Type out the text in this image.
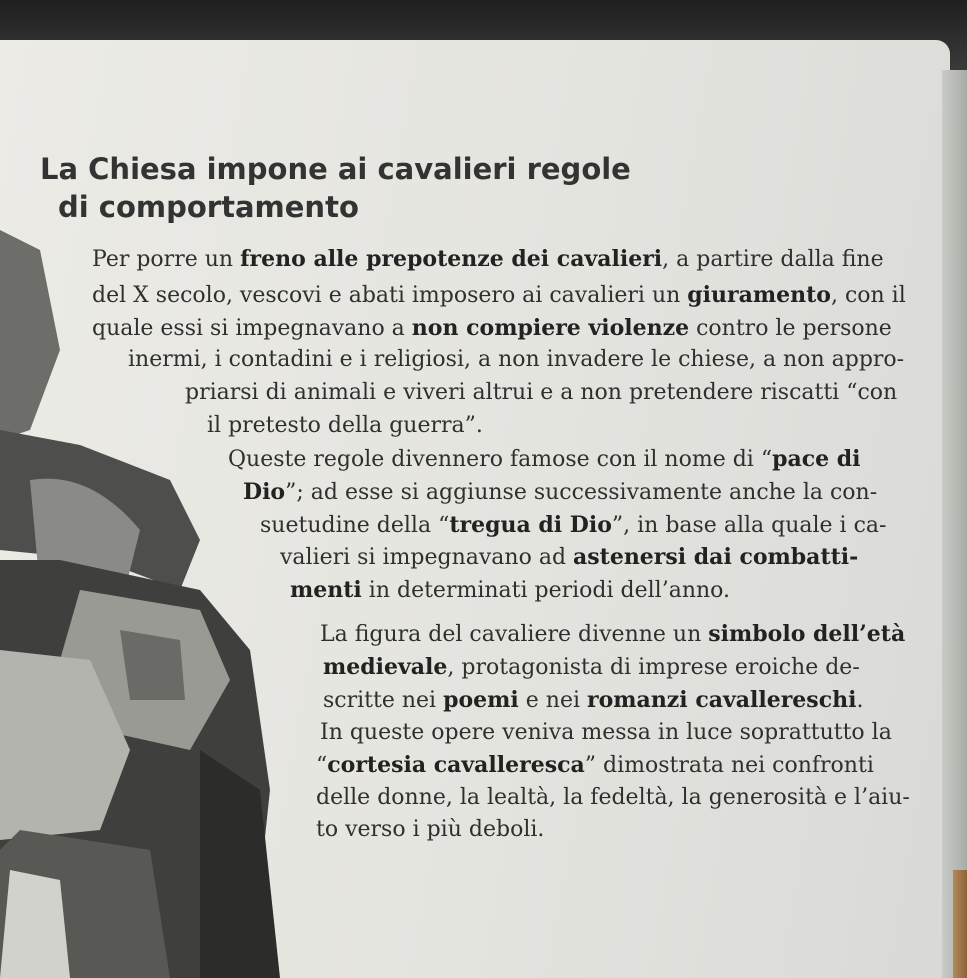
La Chiesa impone ai cavalieri regole
di comportamento
Per porre un freno alle prepotenze dei cavalieri, a partire dalla fine
del X secolo, vescovi e abati imposero ai cavalieri un giuramento, con il
quale essi si impegnavano a non compiere violenze contro le persone
inermi, i contadini e i religiosi, a non invadere le chiese, a non appro-
priarsi di animali e viveri altrui e a non pretendere riscatti “con
il pretesto della guerra”.
Queste regole divennero famose con il nome di “pace di
Dio”; ad esse si aggiunse successivamente anche la con-
suetudine della “tregua di Dio”, in base alla quale i ca-
valieri si impegnavano ad astenersi dai combatti-
menti in determinati periodi dell’anno.
La figura del cavaliere divenne un simbolo dell’età
medievale, protagonista di imprese eroiche de-
scritte nei poemi e nei romanzi cavallereschi.
In queste opere veniva messa in luce soprattutto la
“cortesia cavalleresca” dimostrata nei confronti
delle donne, la lealtà, la fedeltà, la generosità e l’aiu-
to verso i più deboli.
